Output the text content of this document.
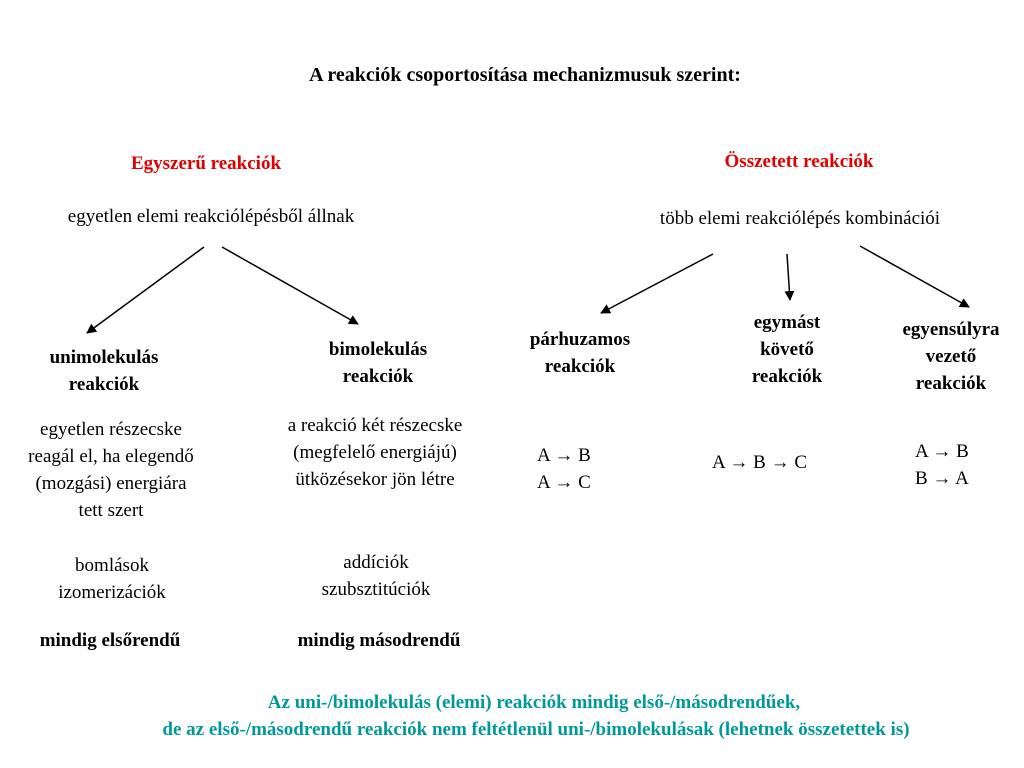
A reakciók csoportosítása mechanizmusuk szerint:
Egyszerű reakciók	Összetett reakciók
egyetlen elemi reakciólépésből állnak	több elemi reakciólépés kombinációi
unimolekulás
reakciók
egyetlen részecske
reagál el, ha elegendő
(mozgási) energiára
tett szert
bomlások
izomerizációk
mindig elsőrendű
bimolekulás
reakciók
a reakció két részecske
(megfelelő energiájú)
ütközésekor jön létre
addíciók
szubsztitúciók
mindig másodrendű
párhuzamos
reakciók
A → B
A → C
egymást
követő
reakciók
A → B → C
egyensúlyra
vezető
reakciók
A → B
B → A
Az uni-/bimolekulás (elemi) reakciók mindig első-/másodrendűek,
de az első-/másodrendű reakciók nem feltétlenül uni-/bimolekulásak (lehetnek összetettek is)
